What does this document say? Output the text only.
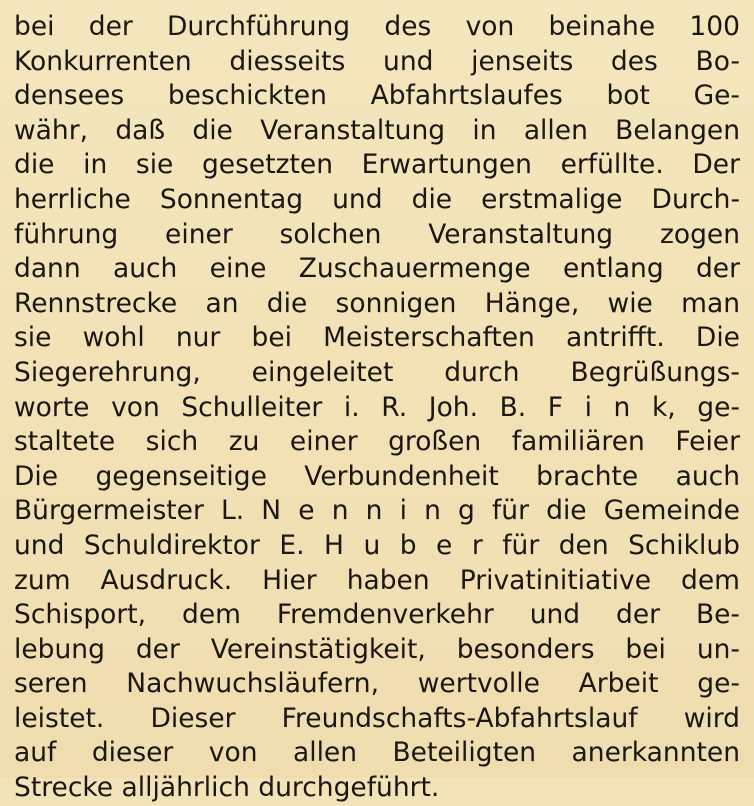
bei der Durchführung des von beinahe 100
Konkurrenten diesseits und jenseits des Bo-
densees beschickten Abfahrtslaufes bot Ge-
währ, daß die Veranstaltung in allen Belangen
die in sie gesetzten Erwartungen erfüllte. Der
herrliche Sonnentag und die erstmalige Durch-
führung einer solchen Veranstaltung zogen
dann auch eine Zuschauermenge entlang der
Rennstrecke an die sonnigen Hänge, wie man
sie wohl nur bei Meisterschaften antrifft. Die
Siegerehrung, eingeleitet durch Begrüßungs-
worte von Schulleiter i. R. Joh. B. F i n k, ge-
staltete sich zu einer großen familiären Feier
Die gegenseitige Verbundenheit brachte auch
Bürgermeister L. N e n n i n g für die Gemeinde
und Schuldirektor E. H u b e r für den Schiklub
zum Ausdruck. Hier haben Privatinitiative dem
Schisport, dem Fremdenverkehr und der Be-
lebung der Vereinstätigkeit, besonders bei un-
seren Nachwuchsläufern, wertvolle Arbeit ge-
leistet. Dieser Freundschafts-Abfahrtslauf wird
auf dieser von allen Beteiligten anerkannten
Strecke alljährlich durchgeführt.
